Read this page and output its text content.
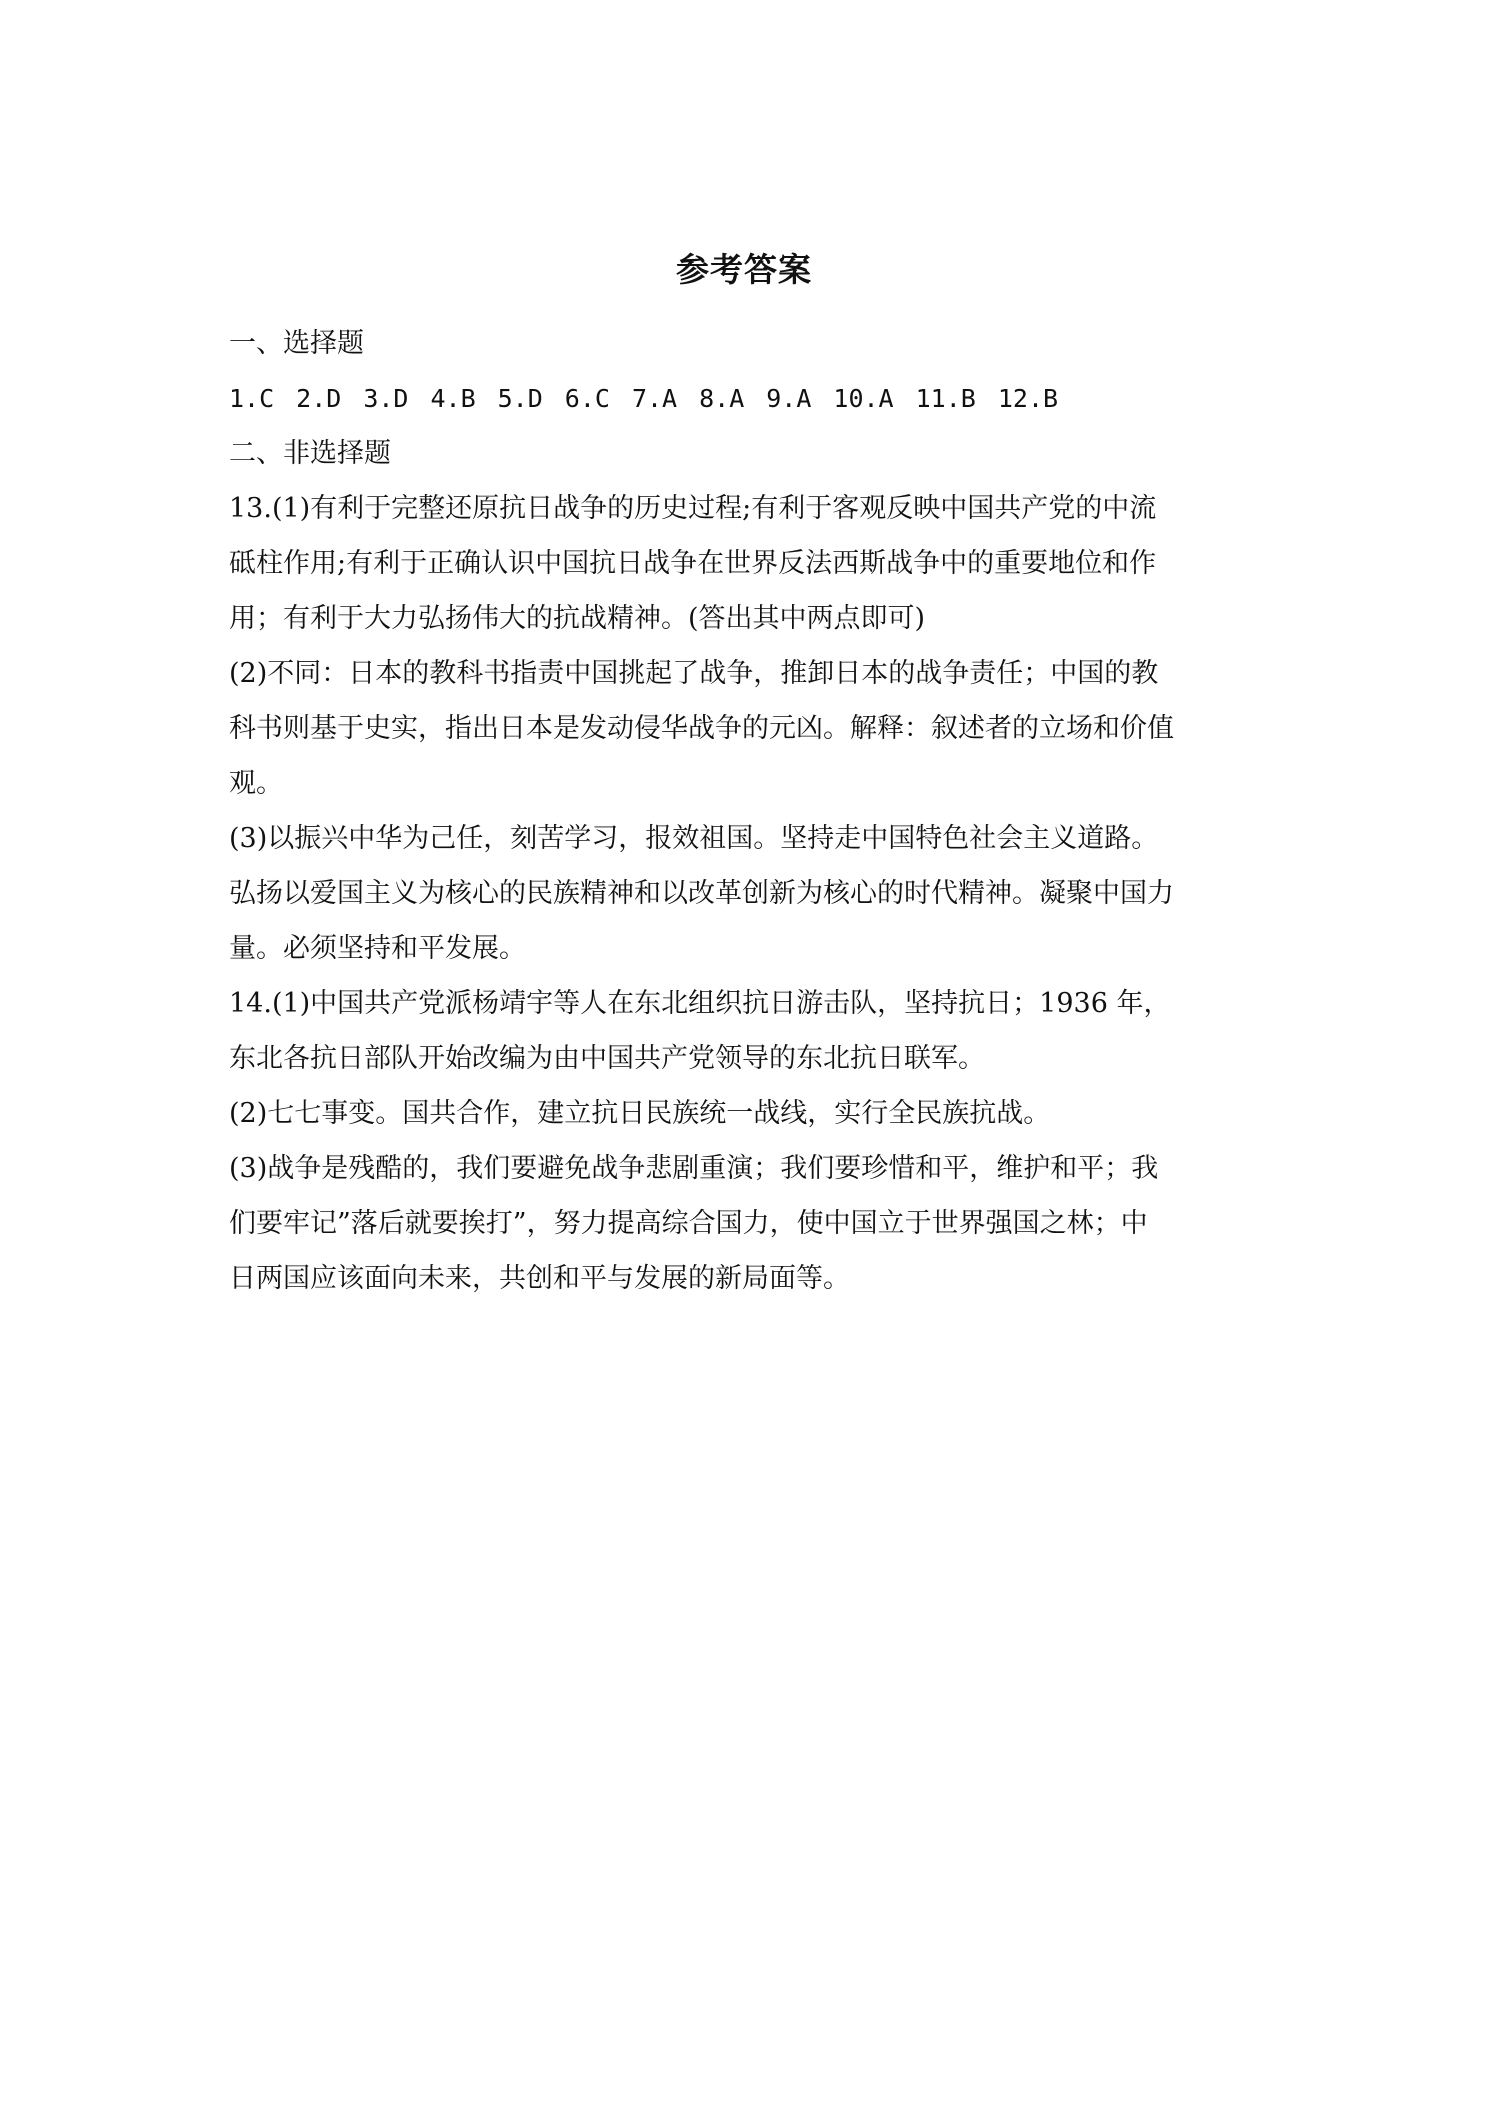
参考答案
一、选择题
1.C 2.D 3.D 4.B 5.D 6.C 7.A 8.A 9.A 10.A 11.B 12.B
二、非选择题
13.(1)有利于完整还原抗日战争的历史过程;有利于客观反映中国共产党的中流
砥柱作用;有利于正确认识中国抗日战争在世界反法西斯战争中的重要地位和作
用；有利于大力弘扬伟大的抗战精神。(答出其中两点即可)
(2)不同：日本的教科书指责中国挑起了战争，推卸日本的战争责任；中国的教
科书则基于史实，指出日本是发动侵华战争的元凶。解释：叙述者的立场和价值
观。
(3)以振兴中华为己任，刻苦学习，报效祖国。坚持走中国特色社会主义道路。
弘扬以爱国主义为核心的民族精神和以改革创新为核心的时代精神。凝聚中国力
量。必须坚持和平发展。
14.(1)中国共产党派杨靖宇等人在东北组织抗日游击队，坚持抗日；1936 年，
东北各抗日部队开始改编为由中国共产党领导的东北抗日联军。
(2)七七事变。国共合作，建立抗日民族统一战线，实行全民族抗战。
(3)战争是残酷的，我们要避免战争悲剧重演；我们要珍惜和平，维护和平；我
们要牢记”落后就要挨打”，努力提高综合国力，使中国立于世界强国之林；中
日两国应该面向未来，共创和平与发展的新局面等。
